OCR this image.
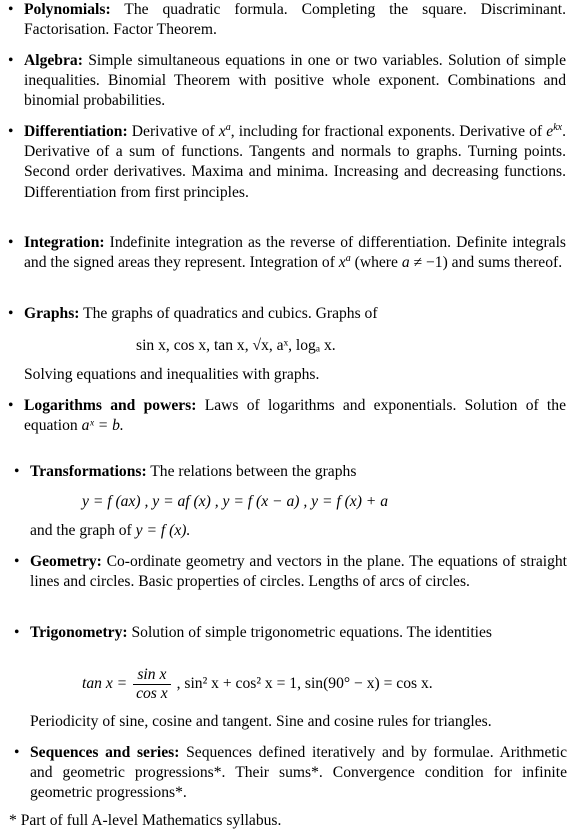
• Polynomials: The quadratic formula. Completing the square. Discriminant. Factorisation. Factor Theorem.
• Algebra: Simple simultaneous equations in one or two variables. Solution of simple inequalities. Binomial Theorem with positive whole exponent. Combinations and binomial probabilities.
• Differentiation: Derivative of $x^a$, including for fractional exponents. Derivative of $e^{kx}$. Derivative of a sum of functions. Tangents and normals to graphs. Turning points. Second order derivatives. Maxima and minima. Increasing and decreasing functions. Differentiation from first principles.
• Integration: Indefinite integration as the reverse of differentiation. Definite integrals and the signed areas they represent. Integration of $x^a$ (where a ≠ −1) and sums thereof.
• Graphs: The graphs of quadratics and cubics. Graphs of
sin x, cos x, tan x, √x, aˣ, logₐ x.
Solving equations and inequalities with graphs.
• Logarithms and powers: Laws of logarithms and exponentials. Solution of the equation aˣ = b.
• Transformations: The relations between the graphs
y = f (ax) , y = af (x) , y = f (x − a) , y = f (x) + a
and the graph of y = f (x).
• Geometry: Co-ordinate geometry and vectors in the plane. The equations of straight lines and circles. Basic properties of circles. Lengths of arcs of circles.
• Trigonometry: Solution of simple trigonometric equations. The identities
$\tan x = \frac{\text{sin x}}{\text{cos x}}$ , sin² x + cos² x = 1, sin(90° − x) = cos x.
Periodicity of sine, cosine and tangent. Sine and cosine rules for triangles.
• Sequences and series: Sequences defined iteratively and by formulae. Arithmetic and geometric progressions*. Their sums*. Convergence condition for infinite geometric progressions*.
* Part of full A-level Mathematics syllabus.
